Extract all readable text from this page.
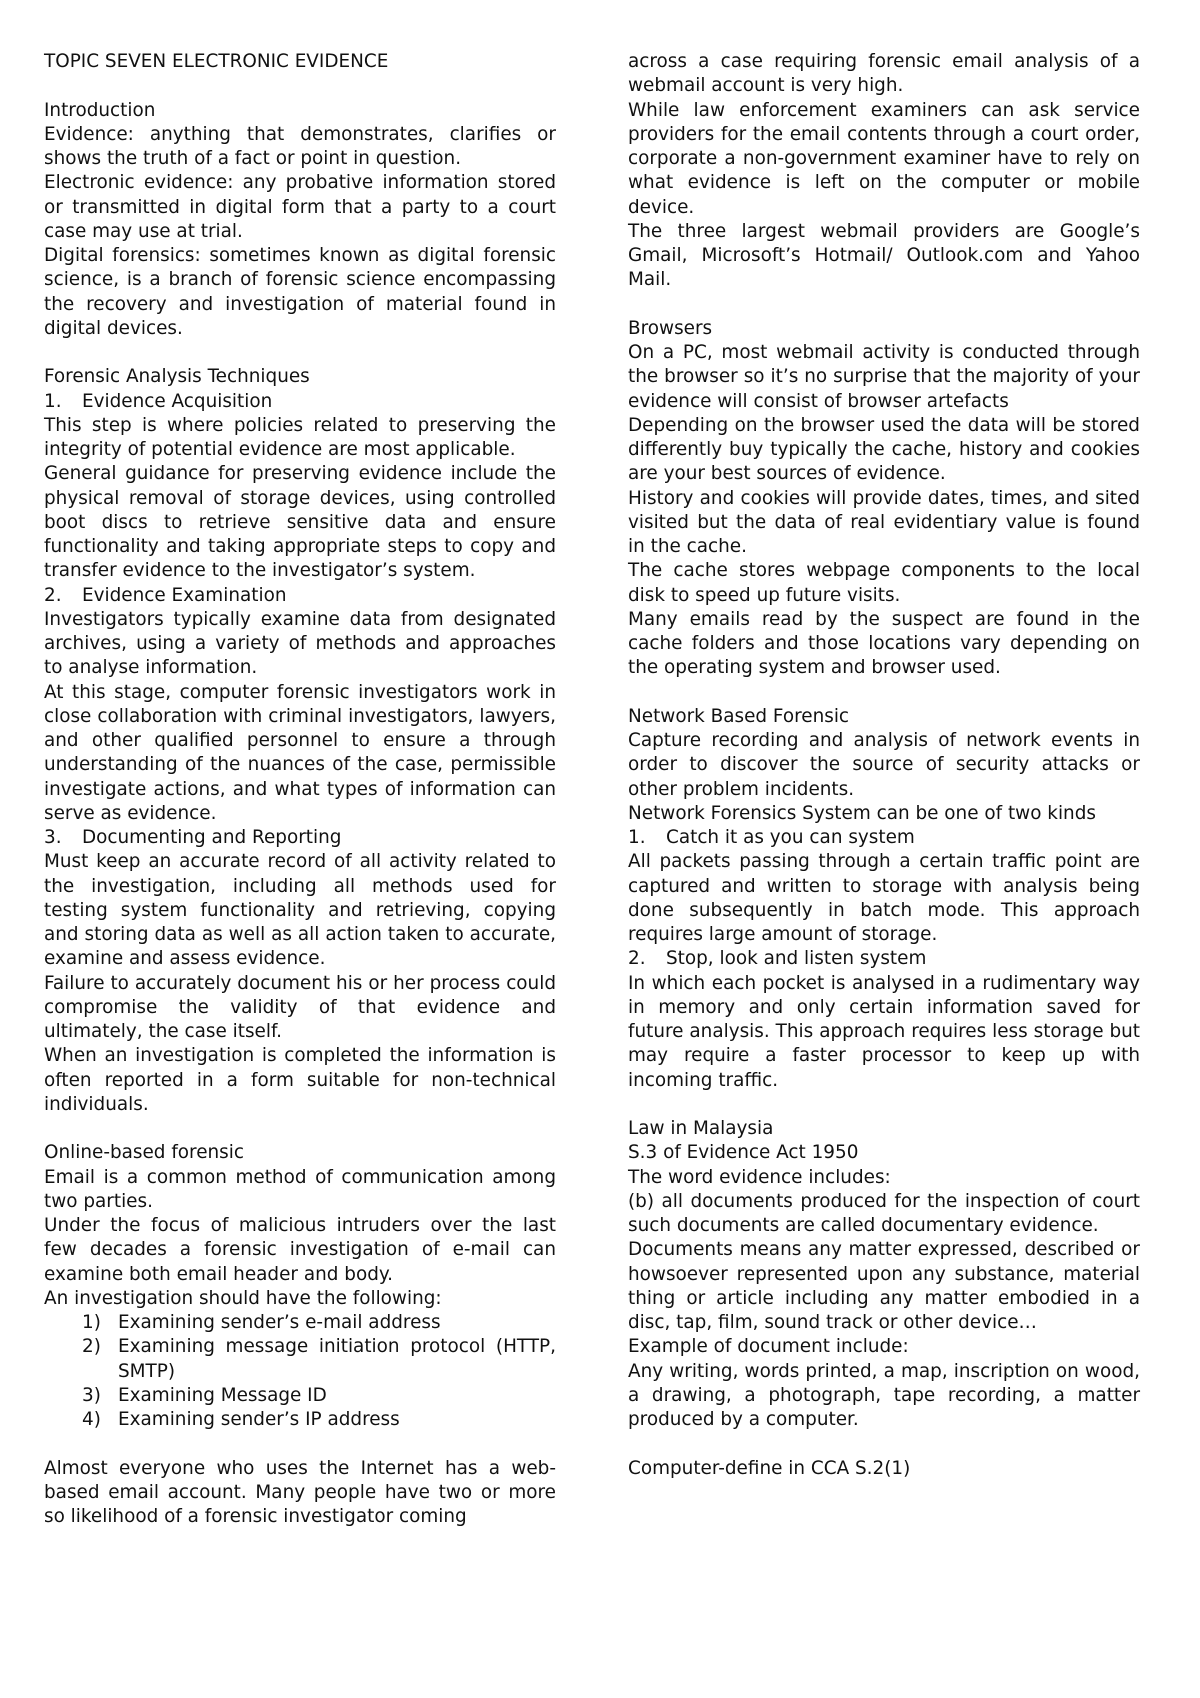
TOPIC SEVEN ELECTRONIC EVIDENCE
Introduction

Evidence: anything that demonstrates, clarifies or shows the truth of a fact or point in question.

Electronic evidence: any probative information stored or transmitted in digital form that a party to a court case may use at trial.

Digital forensics: sometimes known as digital forensic science, is a branch of forensic science encompassing the recovery and investigation of material found in digital devices.

Forensic Analysis Techniques
1.	Evidence Acquisition

This step is where policies related to preserving the integrity of potential evidence are most applicable.

General guidance for preserving evidence include the physical removal of storage devices, using controlled boot discs to retrieve sensitive data and ensure functionality and taking appropriate steps to copy and transfer evidence to the investigator’s system.

2.	Evidence Examination

Investigators typically examine data from designated archives, using a variety of methods and approaches to analyse information.

At this stage, computer forensic investigators work in close collaboration with criminal investigators, lawyers, and other qualified personnel to ensure a through understanding of the nuances of the case, permissible investigate actions, and what types of information can serve as evidence.

3.	Documenting and Reporting

Must keep an accurate record of all activity related to the investigation, including all methods used for testing system functionality and retrieving, copying and storing data as well as all action taken to accurate, examine and assess evidence.

Failure to accurately document his or her process could compromise the validity of that evidence and ultimately, the case itself.

When an investigation is completed the information is often reported in a form suitable for non-technical individuals.

Online-based forensic

Email is a common method of communication among two parties.

Under the focus of malicious intruders over the last few decades a forensic investigation of e-mail can examine both email header and body.

An investigation should have the following:

1) Examining sender’s e-mail address
2) Examining message initiation protocol (HTTP, SMTP)
3) Examining Message ID
4) Examining sender’s IP address

Almost everyone who uses the Internet has a web-based email account. Many people have two or more so likelihood of a forensic investigator coming

across a case requiring forensic email analysis of a webmail account is very high.

While law enforcement examiners can ask service providers for the email contents through a court order, corporate a non-government examiner have to rely on what evidence is left on the computer or mobile device.

The three largest webmail providers are Google’s Gmail, Microsoft’s Hotmail/ Outlook.com and Yahoo Mail.

Browsers

On a PC, most webmail activity is conducted through the browser so it’s no surprise that the majority of your evidence will consist of browser artefacts

Depending on the browser used the data will be stored differently buy typically the cache, history and cookies are your best sources of evidence.

History and cookies will provide dates, times, and sited visited but the data of real evidentiary value is found in the cache.

The cache stores webpage components to the local disk to speed up future visits.

Many emails read by the suspect are found in the cache folders and those locations vary depending on the operating system and browser used.

Network Based Forensic

Capture recording and analysis of network events in order to discover the source of security attacks or other problem incidents.

Network Forensics System can be one of two kinds

1.	Catch it as you can system

All packets passing through a certain traffic point are captured and written to storage with analysis being done subsequently in batch mode. This approach requires large amount of storage.

2.	Stop, look and listen system

In which each pocket is analysed in a rudimentary way in memory and only certain information saved for future analysis. This approach requires less storage but may require a faster processor to keep up with incoming traffic.

Law in Malaysia

S.3 of Evidence Act 1950

The word evidence includes:

(b) all documents produced for the inspection of court such documents are called documentary evidence.

Documents means any matter expressed, described or howsoever represented upon any substance, material thing or article including any matter embodied in a disc, tap, film, sound track or other device…

Example of document include:

Any writing, words printed, a map, inscription on wood, a drawing, a photograph, tape recording, a matter produced by a computer.

Computer-define in CCA S.2(1)
